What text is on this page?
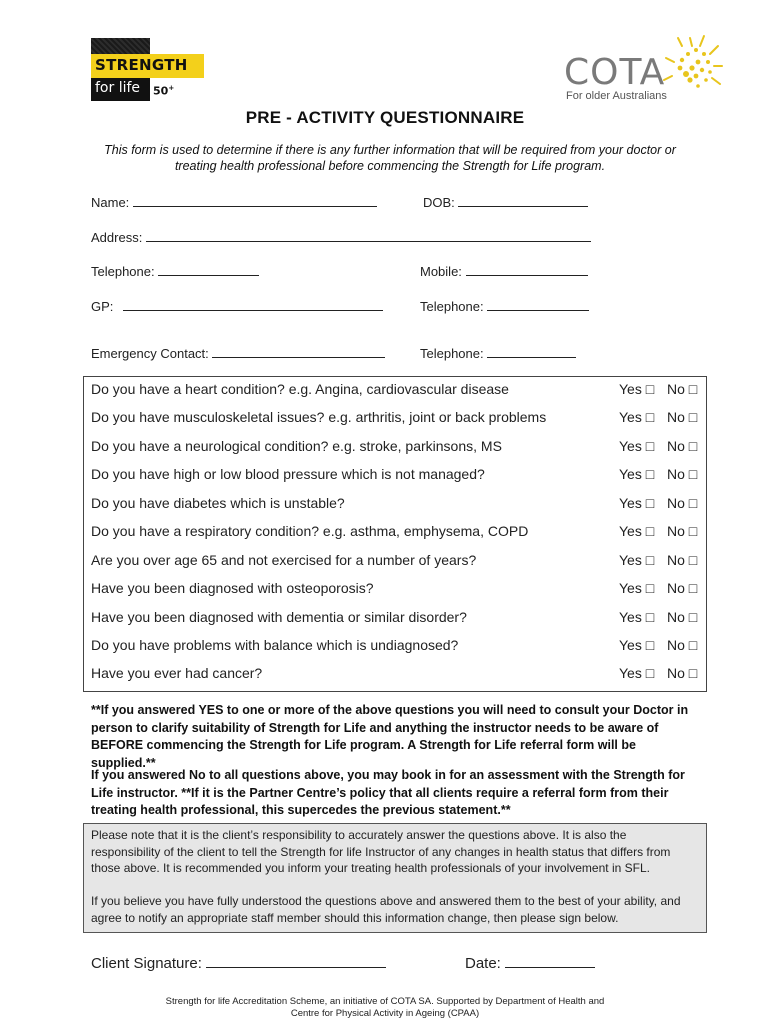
STRENGTH
for life 50+	COTA
For older Australians
PRE - ACTIVITY QUESTIONNAIRE
This form is used to determine if there is any further information that will be required from your doctor or
treating health professional before commencing the Strength for Life program.
Name:	DOB:
Address:
Telephone:	Mobile:
GP:	Telephone:
Emergency Contact:	Telephone:
Do you have a heart condition? e.g. Angina, cardiovascular disease	Yes □ No □
Do you have musculoskeletal issues? e.g. arthritis, joint or back problems	Yes □ No □
Do you have a neurological condition? e.g. stroke, parkinsons, MS	Yes □ No □
Do you have high or low blood pressure which is not managed?	Yes □ No □
Do you have diabetes which is unstable?	Yes □ No □
Do you have a respiratory condition? e.g. asthma, emphysema, COPD	Yes □ No □
Are you over age 65 and not exercised for a number of years?	Yes □ No □
Have you been diagnosed with osteoporosis?	Yes □ No □
Have you been diagnosed with dementia or similar disorder?	Yes □ No □
Do you have problems with balance which is undiagnosed?	Yes □ No □
Have you ever had cancer?	Yes □ No □
**If you answered YES to one or more of the above questions you will need to consult your Doctor in
person to clarify suitability of Strength for Life and anything the instructor needs to be aware of
BEFORE commencing the Strength for Life program. A Strength for Life referral form will be supplied.**
If you answered No to all questions above, you may book in for an assessment with the Strength for
Life instructor. **If it is the Partner Centre’s policy that all clients require a referral form from their
treating health professional, this supercedes the previous statement.**
Please note that it is the client’s responsibility to accurately answer the questions above. It is also the
responsibility of the client to tell the Strength for life Instructor of any changes in health status that differs from
those above. It is recommended you inform your treating health professionals of your involvement in SFL.
If you believe you have fully understood the questions above and answered them to the best of your ability, and
agree to notify an appropriate staff member should this information change, then please sign below.
Client Signature:	Date:
Strength for life Accreditation Scheme, an initiative of COTA SA. Supported by Department of Health and
Centre for Physical Activity in Ageing (CPAA)
